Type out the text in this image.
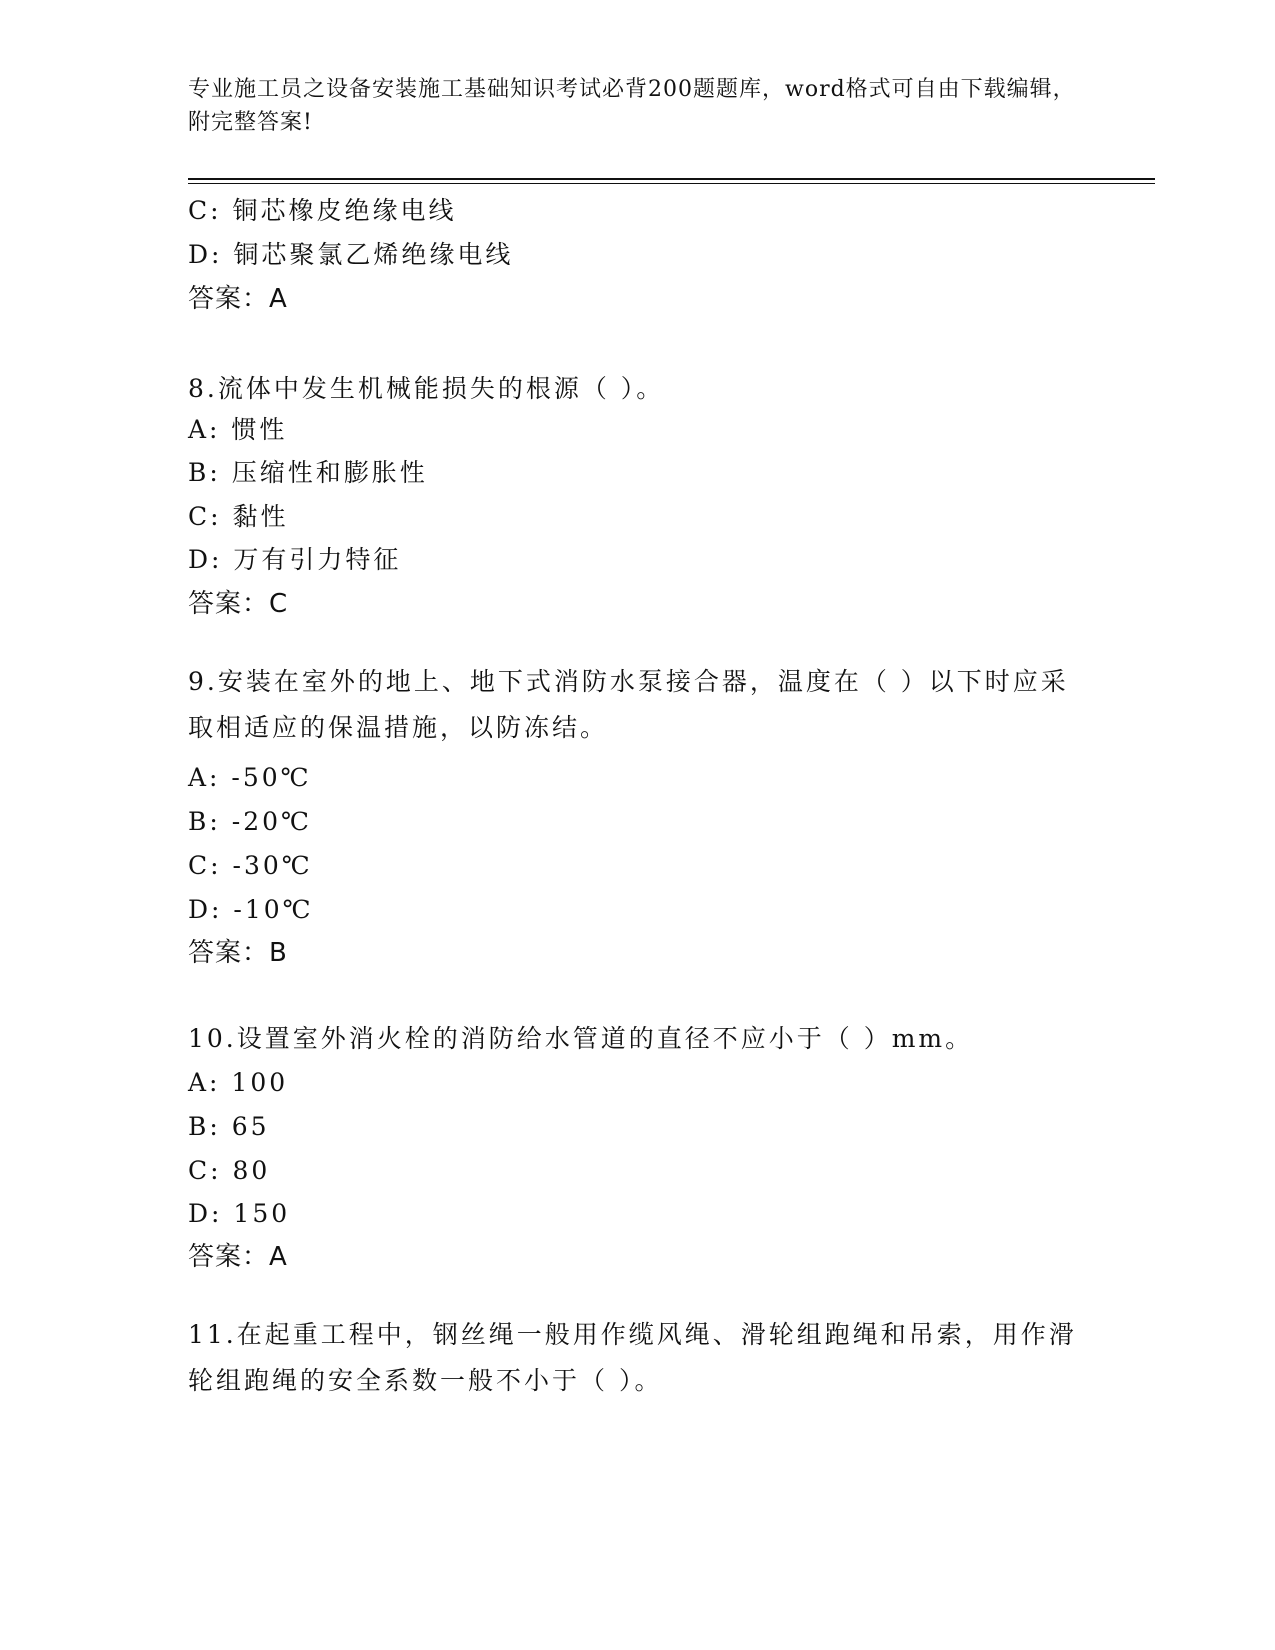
专业施工员之设备安装施工基础知识考试必背200题题库，word格式可自由下载编辑，附完整答案!
C: 铜芯橡皮绝缘电线
D: 铜芯聚氯乙烯绝缘电线
答案：A
8.流体中发生机械能损失的根源（ ）。
A: 惯性
B: 压缩性和膨胀性
C: 黏性
D: 万有引力特征
答案：C
9.安装在室外的地上、地下式消防水泵接合器，温度在（ ）以下时应采取相适应的保温措施，以防冻结。
A: -50℃
B: -20℃
C: -30℃
D: -10℃
答案：B
10.设置室外消火栓的消防给水管道的直径不应小于（ ）mm。
A: 100
B: 65
C: 80
D: 150
答案：A
11.在起重工程中，钢丝绳一般用作缆风绳、滑轮组跑绳和吊索，用作滑轮组跑绳的安全系数一般不小于（ ）。
